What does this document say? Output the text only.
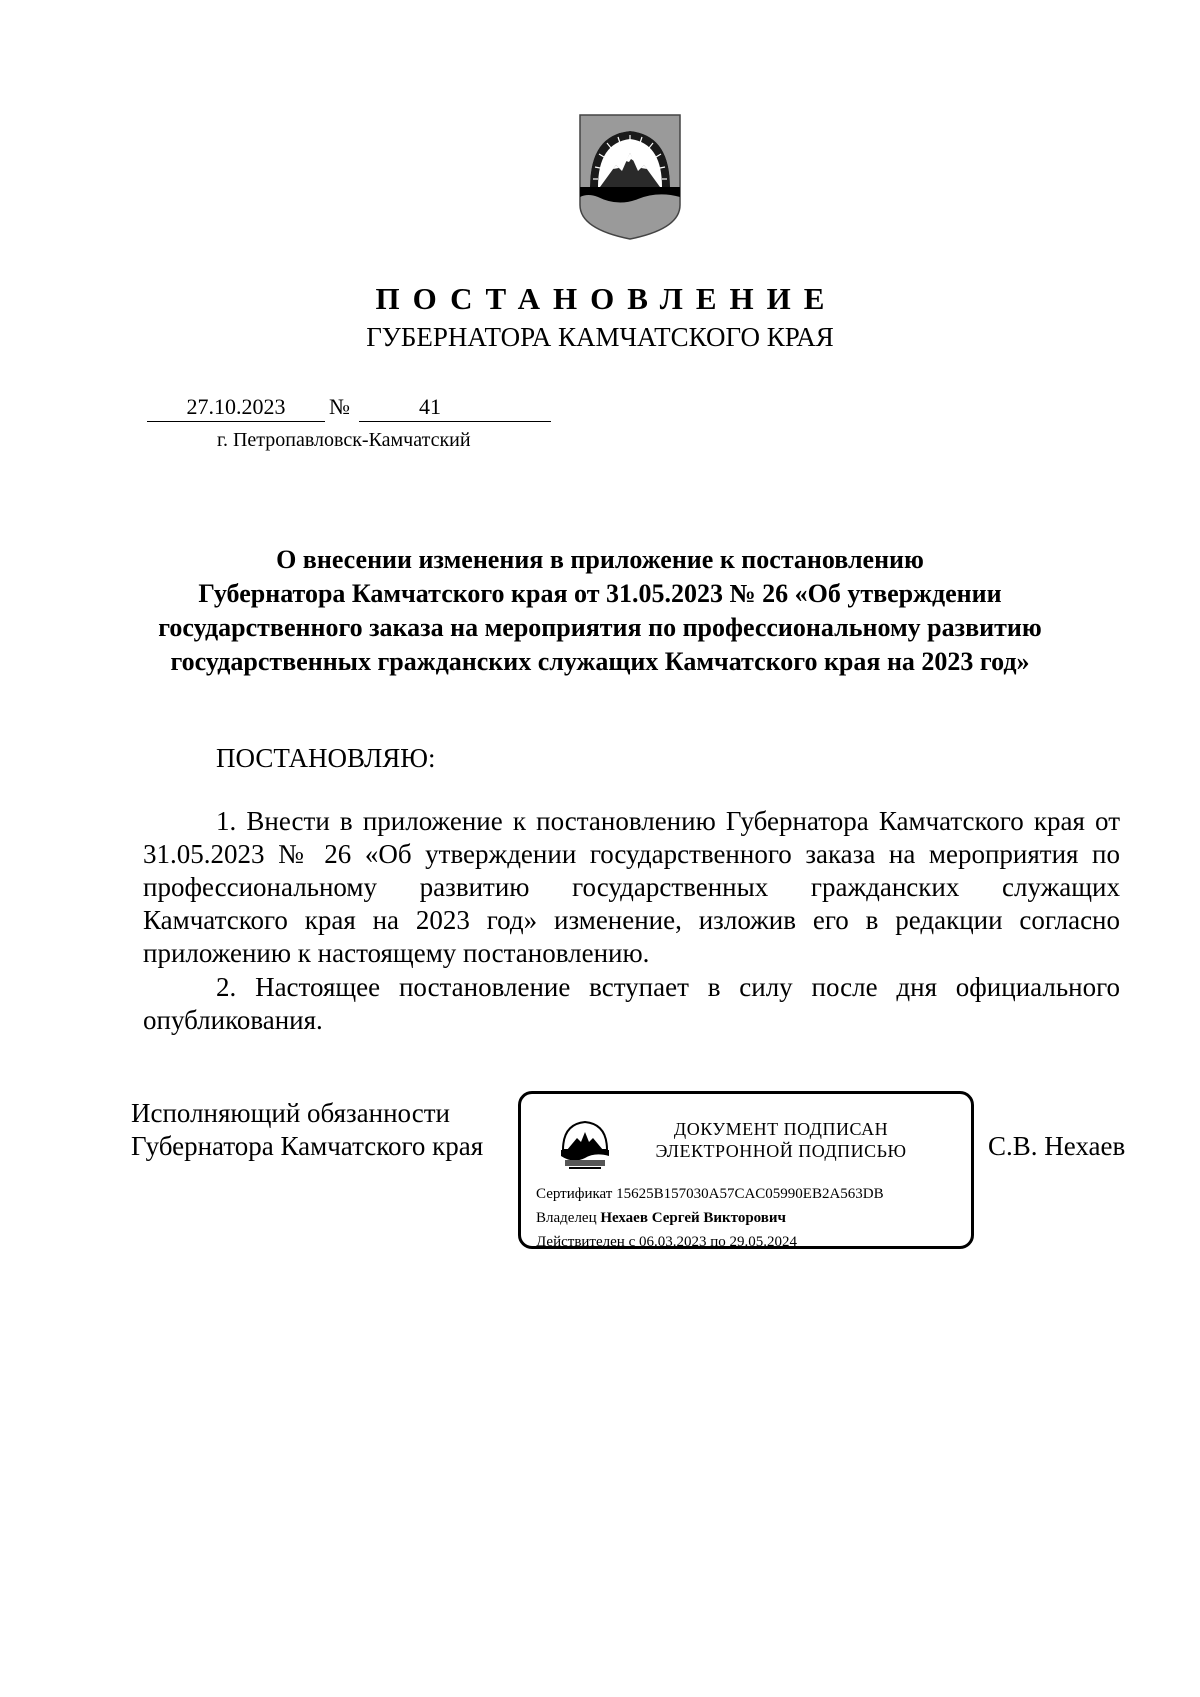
ПОСТАНОВЛЕНИЕ
ГУБЕРНАТОРА КАМЧАТСКОГО КРАЯ
27.10.2023	№	41
г. Петропавловск-Камчатский
О внесении изменения в приложение к постановлению
Губернатора Камчатского края от 31.05.2023 № 26 «Об утверждении
государственного заказа на мероприятия по профессиональному развитию
государственных гражданских служащих Камчатского края на 2023 год»
ПОСТАНОВЛЯЮ:
1. Внести в приложение к постановлению Губернатора Камчатского края от 31.05.2023 № 26 «Об утверждении государственного заказа на мероприятия по профессиональному развитию государственных гражданских служащих Камчатского края на 2023 год» изменение, изложив его в редакции согласно приложению к настоящему постановлению.
2. Настоящее постановление вступает в силу после дня официального опубликования.
Исполняющий обязанности
Губернатора Камчатского края	С.В. Нехаев
ДОКУМЕНТ ПОДПИСАН
ЭЛЕКТРОННОЙ ПОДПИСЬЮ
Сертификат 15625B157030A57CAC05990EB2A563DB
Владелец Нехаев Сергей Викторович
Действителен с 06.03.2023 по 29.05.2024
